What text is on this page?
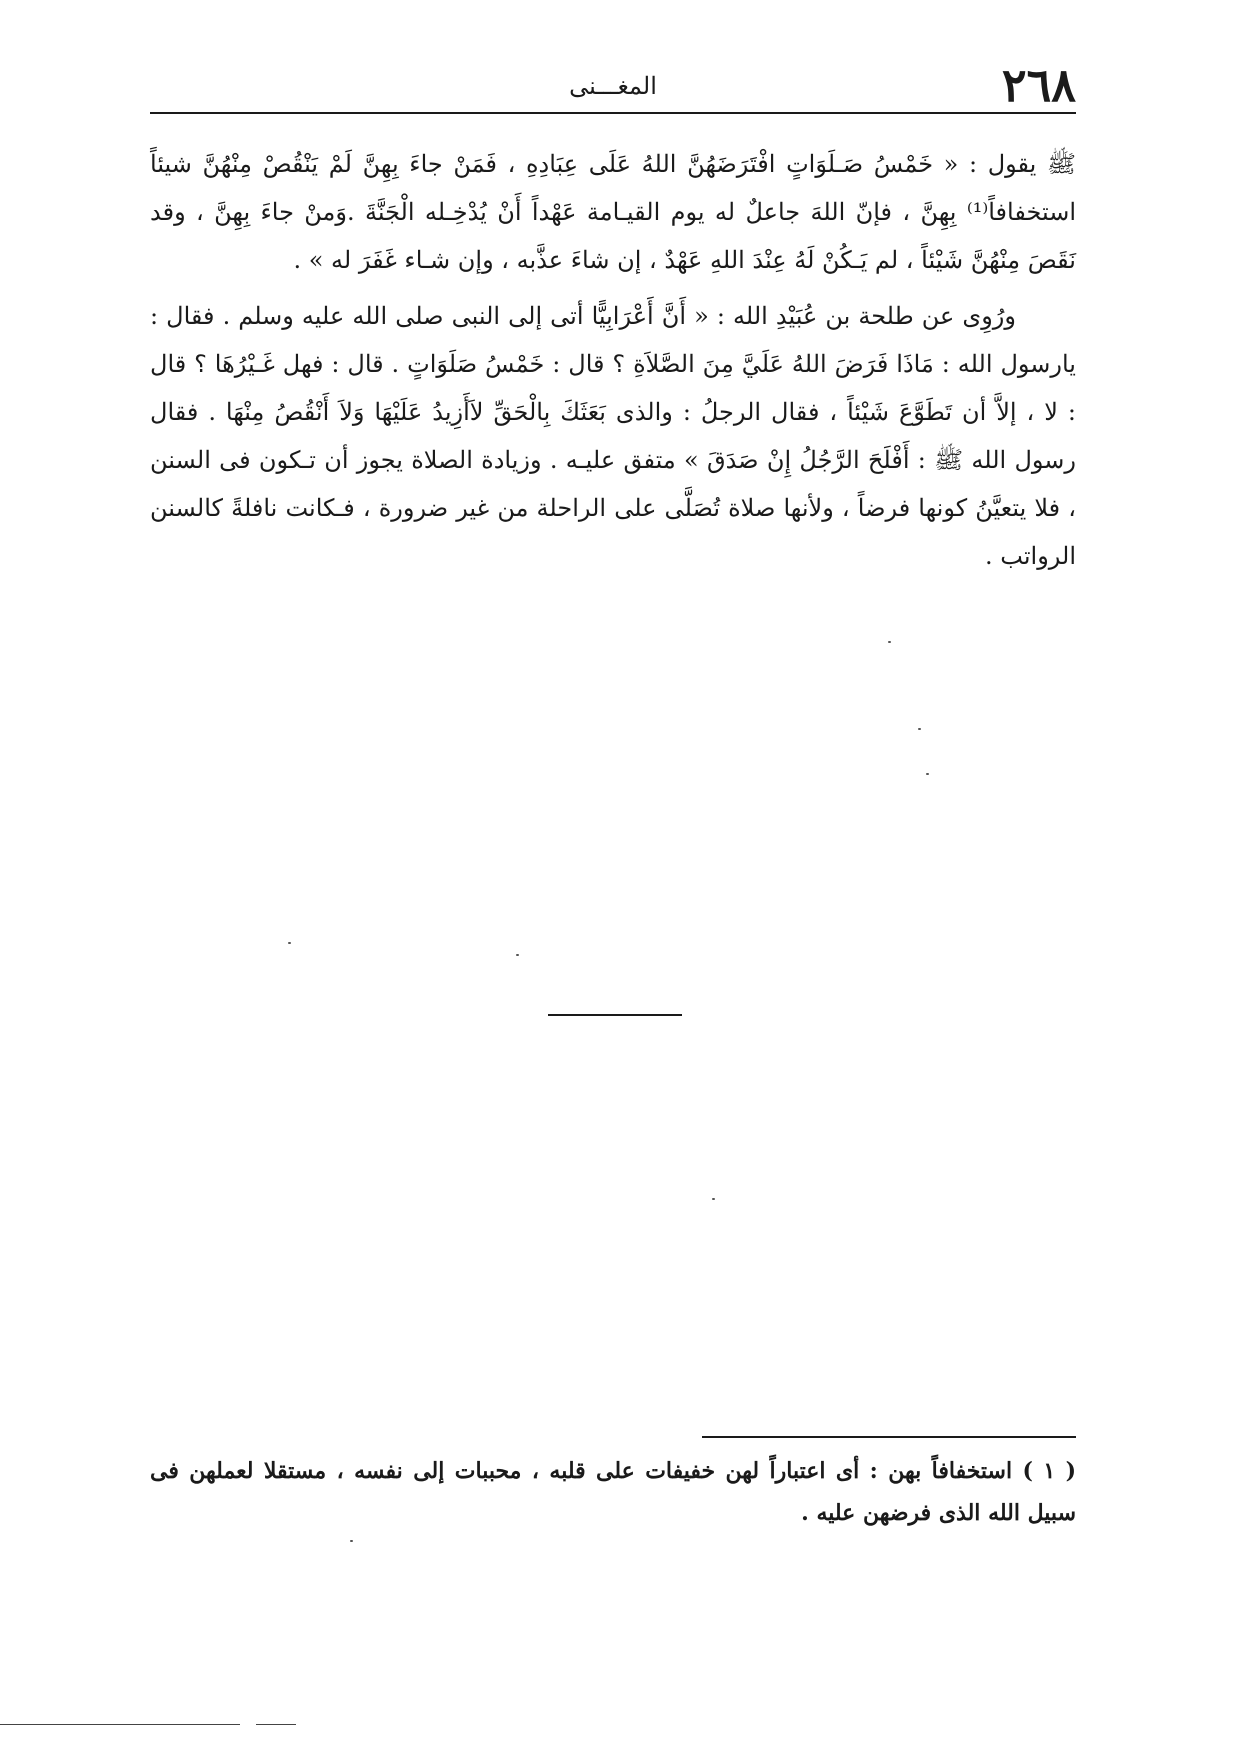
٢٦٨
المغـــنى

ﷺ يقول : « خَمْسُ صَـلَوَاتٍ افْتَرَضَهُنَّ اللهُ عَلَى عِبَادِهِ ، فَمَنْ جاءَ بِهِنَّ لَمْ يَنْقُصْ مِنْهُنَّ شيئاً استخفافاً⁽¹⁾ بِهِنَّ ، فإنّ اللهَ جاعلٌ له يوم القيـامة عَهْداً أَنْ يُدْخِـله الْجَنَّةَ .وَمنْ جاءَ بِهِنَّ ، وقد نَقَصَ مِنْهُنَّ شَيْئاً ، لم يَـكُنْ لَهُ عِنْدَ اللهِ عَهْدٌ ، إن شاءَ عذَّبه ، وإن شـاء غَفَرَ له » .

ورُوِى عن طلحة بن عُبَيْدِ الله : « أَنَّ أَعْرَابِيًّا أتى إلى النبى صلى الله عليه وسلم . فقال : يارسول الله : مَاذَا فَرَضَ اللهُ عَلَيَّ مِنَ الصَّلاَةِ ؟ قال : خَمْسُ صَلَوَاتٍ . قال : فهل غَـيْرُهَا ؟ قال : لا ، إلاَّ أن تَطَوَّعَ شَيْئاً ، فقال الرجلُ : والذى بَعَثَكَ بِالْحَقِّ لاَأَزِيدُ عَلَيْهَا وَلاَ أَنْقُصُ مِنْهَا . فقال رسول الله ﷺ : أَفْلَحَ الرَّجُلُ إِنْ صَدَقَ » متفق عليـه . وزيادة الصلاة يجوز أن تـكون فى السنن ، فلا يتعيَّنُ كونها فرضاً ، ولأنها صلاة تُصَلَّى على الراحلة من غير ضرورة ، فـكانت نافلةً كالسنن الرواتب .

( ١ ) استخفافاً بهن : أى اعتباراً لهن خفيفات على قلبه ، محببات إلى نفسه ، مستقلا لعملهن فى سبيل الله الذى فرضهن عليه .
